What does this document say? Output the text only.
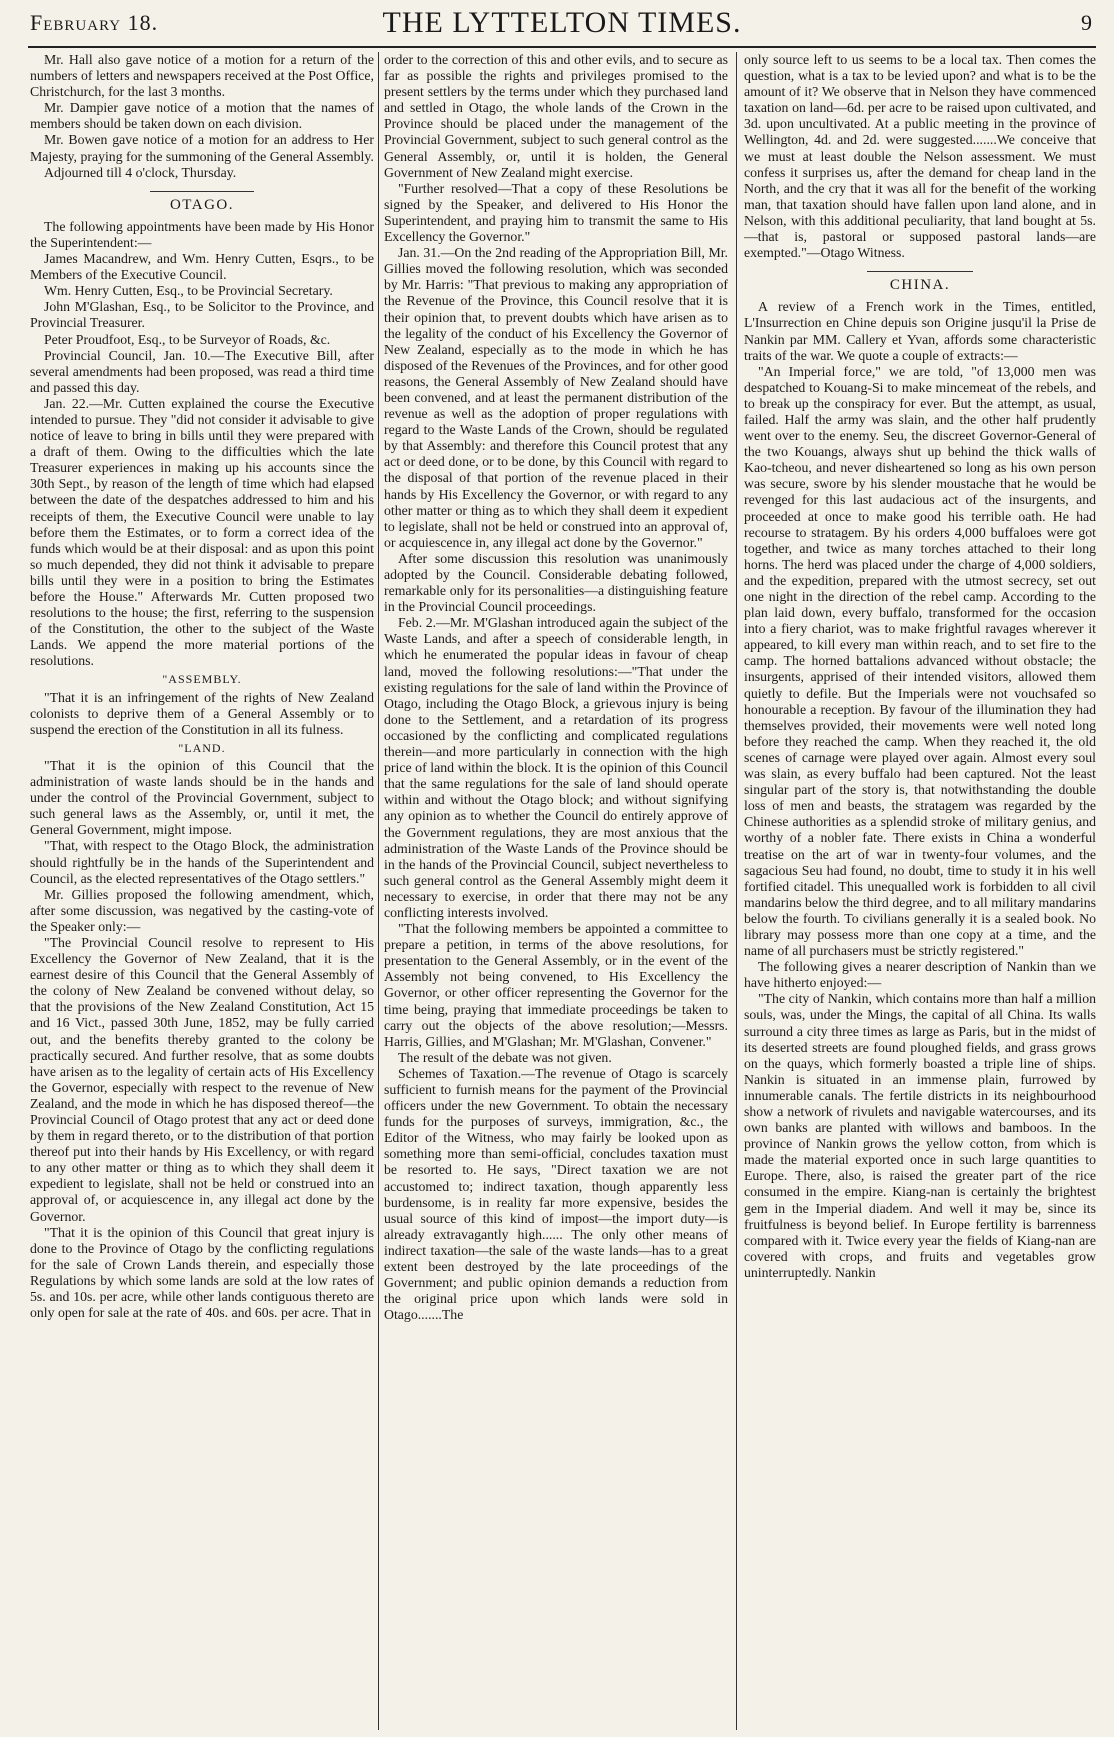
February 18.	THE LYTTELTON TIMES.	9

Mr. Hall also gave notice of a motion for a return of the numbers of letters and newspapers received at the Post Office, Christchurch, for the last 3 months.

Mr. Dampier gave notice of a motion that the names of members should be taken down on each division.

Mr. Bowen gave notice of a motion for an address to Her Majesty, praying for the summoning of the General Assembly.

Adjourned till 4 o'clock, Thursday.

OTAGO.

The following appointments have been made by His Honor the Superintendent:—

James Macandrew, and Wm. Henry Cutten, Esqrs., to be Members of the Executive Council.

Wm. Henry Cutten, Esq., to be Provincial Secretary.

John M'Glashan, Esq., to be Solicitor to the Province, and Provincial Treasurer.

Peter Proudfoot, Esq., to be Surveyor of Roads, &c.

Provincial Council, Jan. 10.—The Executive Bill, after several amendments had been proposed, was read a third time and passed this day.

Jan. 22.—Mr. Cutten explained the course the Executive intended to pursue. They "did not consider it advisable to give notice of leave to bring in bills until they were prepared with a draft of them. Owing to the difficulties which the late Treasurer experiences in making up his accounts since the 30th Sept., by reason of the length of time which had elapsed between the date of the despatches addressed to him and his receipts of them, the Executive Council were unable to lay before them the Estimates, or to form a correct idea of the funds which would be at their disposal: and as upon this point so much depended, they did not think it advisable to prepare bills until they were in a position to bring the Estimates before the House." Afterwards Mr. Cutten proposed two resolutions to the house; the first, referring to the suspension of the Constitution, the other to the subject of the Waste Lands. We append the more material portions of the resolutions.

"ASSEMBLY.

"That it is an infringement of the rights of New Zealand colonists to deprive them of a General Assembly or to suspend the erection of the Constitution in all its fulness.

"LAND.

"That it is the opinion of this Council that the administration of waste lands should be in the hands and under the control of the Provincial Government, subject to such general laws as the Assembly, or, until it met, the General Government, might impose.

"That, with respect to the Otago Block, the administration should rightfully be in the hands of the Superintendent and Council, as the elected representatives of the Otago settlers."

Mr. Gillies proposed the following amendment, which, after some discussion, was negatived by the casting-vote of the Speaker only:—

"The Provincial Council resolve to represent to His Excellency the Governor of New Zealand, that it is the earnest desire of this Council that the General Assembly of the colony of New Zealand be convened without delay, so that the provisions of the New Zealand Constitution, Act 15 and 16 Vict., passed 30th June, 1852, may be fully carried out, and the benefits thereby granted to the colony be practically secured. And further resolve, that as some doubts have arisen as to the legality of certain acts of His Excellency the Governor, especially with respect to the revenue of New Zealand, and the mode in which he has disposed thereof—the Provincial Council of Otago protest that any act or deed done by them in regard thereto, or to the distribution of that portion thereof put into their hands by His Excellency, or with regard to any other matter or thing as to which they shall deem it expedient to legislate, shall not be held or construed into an approval of, or acquiescence in, any illegal act done by the Governor.

"That it is the opinion of this Council that great injury is done to the Province of Otago by the conflicting regulations for the sale of Crown Lands therein, and especially those Regulations by which some lands are sold at the low rates of 5s. and 10s. per acre, while other lands contiguous thereto are only open for sale at the rate of 40s. and 60s. per acre. That in

order to the correction of this and other evils, and to secure as far as possible the rights and privileges promised to the present settlers by the terms under which they purchased land and settled in Otago, the whole lands of the Crown in the Province should be placed under the management of the Provincial Government, subject to such general control as the General Assembly, or, until it is holden, the General Government of New Zealand might exercise.

"Further resolved—That a copy of these Resolutions be signed by the Speaker, and delivered to His Honor the Superintendent, and praying him to transmit the same to His Excellency the Governor."

Jan. 31.—On the 2nd reading of the Appropriation Bill, Mr. Gillies moved the following resolution, which was seconded by Mr. Harris: "That previous to making any appropriation of the Revenue of the Province, this Council resolve that it is their opinion that, to prevent doubts which have arisen as to the legality of the conduct of his Excellency the Governor of New Zealand, especially as to the mode in which he has disposed of the Revenues of the Provinces, and for other good reasons, the General Assembly of New Zealand should have been convened, and at least the permanent distribution of the revenue as well as the adoption of proper regulations with regard to the Waste Lands of the Crown, should be regulated by that Assembly: and therefore this Council protest that any act or deed done, or to be done, by this Council with regard to the disposal of that portion of the revenue placed in their hands by His Excellency the Governor, or with regard to any other matter or thing as to which they shall deem it expedient to legislate, shall not be held or construed into an approval of, or acquiescence in, any illegal act done by the Governor."

After some discussion this resolution was unanimously adopted by the Council. Considerable debating followed, remarkable only for its personalities—a distinguishing feature in the Provincial Council proceedings.

Feb. 2.—Mr. M'Glashan introduced again the subject of the Waste Lands, and after a speech of considerable length, in which he enumerated the popular ideas in favour of cheap land, moved the following resolutions:—"That under the existing regulations for the sale of land within the Province of Otago, including the Otago Block, a grievous injury is being done to the Settlement, and a retardation of its progress occasioned by the conflicting and complicated regulations therein—and more particularly in connection with the high price of land within the block. It is the opinion of this Council that the same regulations for the sale of land should operate within and without the Otago block; and without signifying any opinion as to whether the Council do entirely approve of the Government regulations, they are most anxious that the administration of the Waste Lands of the Province should be in the hands of the Provincial Council, subject nevertheless to such general control as the General Assembly might deem it necessary to exercise, in order that there may not be any conflicting interests involved.

"That the following members be appointed a committee to prepare a petition, in terms of the above resolutions, for presentation to the General Assembly, or in the event of the Assembly not being convened, to His Excellency the Governor, or other officer representing the Governor for the time being, praying that immediate proceedings be taken to carry out the objects of the above resolution;—Messrs. Harris, Gillies, and M'Glashan; Mr. M'Glashan, Convener."

The result of the debate was not given.

Schemes of Taxation.—The revenue of Otago is scarcely sufficient to furnish means for the payment of the Provincial officers under the new Government. To obtain the necessary funds for the purposes of surveys, immigration, &c., the Editor of the Witness, who may fairly be looked upon as something more than semi-official, concludes taxation must be resorted to. He says, "Direct taxation we are not accustomed to; indirect taxation, though apparently less burdensome, is in reality far more expensive, besides the usual source of this kind of impost—the import duty—is already extravagantly high...... The only other means of indirect taxation—the sale of the waste lands—has to a great extent been destroyed by the late proceedings of the Government; and public opinion demands a reduction from the original price upon which lands were sold in Otago.......The

only source left to us seems to be a local tax. Then comes the question, what is a tax to be levied upon? and what is to be the amount of it? We observe that in Nelson they have commenced taxation on land—6d. per acre to be raised upon cultivated, and 3d. upon uncultivated. At a public meeting in the province of Wellington, 4d. and 2d. were suggested.......We conceive that we must at least double the Nelson assessment. We must confess it surprises us, after the demand for cheap land in the North, and the cry that it was all for the benefit of the working man, that taxation should have fallen upon land alone, and in Nelson, with this additional peculiarity, that land bought at 5s.—that is, pastoral or supposed pastoral lands—are exempted."—Otago Witness.

CHINA.

A review of a French work in the Times, entitled, L'Insurrection en Chine depuis son Origine jusqu'il la Prise de Nankin par MM. Callery et Yvan, affords some characteristic traits of the war. We quote a couple of extracts:—

"An Imperial force," we are told, "of 13,000 men was despatched to Kouang-Si to make mincemeat of the rebels, and to break up the conspiracy for ever. But the attempt, as usual, failed. Half the army was slain, and the other half prudently went over to the enemy. Seu, the discreet Governor-General of the two Kouangs, always shut up behind the thick walls of Kao-tcheou, and never disheartened so long as his own person was secure, swore by his slender moustache that he would be revenged for this last audacious act of the insurgents, and proceeded at once to make good his terrible oath. He had recourse to stratagem. By his orders 4,000 buffaloes were got together, and twice as many torches attached to their long horns. The herd was placed under the charge of 4,000 soldiers, and the expedition, prepared with the utmost secrecy, set out one night in the direction of the rebel camp. According to the plan laid down, every buffalo, transformed for the occasion into a fiery chariot, was to make frightful ravages wherever it appeared, to kill every man within reach, and to set fire to the camp. The horned battalions advanced without obstacle; the insurgents, apprised of their intended visitors, allowed them quietly to defile. But the Imperials were not vouchsafed so honourable a reception. By favour of the illumination they had themselves provided, their movements were well noted long before they reached the camp. When they reached it, the old scenes of carnage were played over again. Almost every soul was slain, as every buffalo had been captured. Not the least singular part of the story is, that notwithstanding the double loss of men and beasts, the stratagem was regarded by the Chinese authorities as a splendid stroke of military genius, and worthy of a nobler fate. There exists in China a wonderful treatise on the art of war in twenty-four volumes, and the sagacious Seu had found, no doubt, time to study it in his well fortified citadel. This unequalled work is forbidden to all civil mandarins below the third degree, and to all military mandarins below the fourth. To civilians generally it is a sealed book. No library may possess more than one copy at a time, and the name of all purchasers must be strictly registered."

The following gives a nearer description of Nankin than we have hitherto enjoyed:—

"The city of Nankin, which contains more than half a million souls, was, under the Mings, the capital of all China. Its walls surround a city three times as large as Paris, but in the midst of its deserted streets are found ploughed fields, and grass grows on the quays, which formerly boasted a triple line of ships. Nankin is situated in an immense plain, furrowed by innumerable canals. The fertile districts in its neighbourhood show a network of rivulets and navigable watercourses, and its own banks are planted with willows and bamboos. In the province of Nankin grows the yellow cotton, from which is made the material exported once in such large quantities to Europe. There, also, is raised the greater part of the rice consumed in the empire. Kiang-nan is certainly the brightest gem in the Imperial diadem. And well it may be, since its fruitfulness is beyond belief. In Europe fertility is barrenness compared with it. Twice every year the fields of Kiang-nan are covered with crops, and fruits and vegetables grow uninterruptedly. Nankin
